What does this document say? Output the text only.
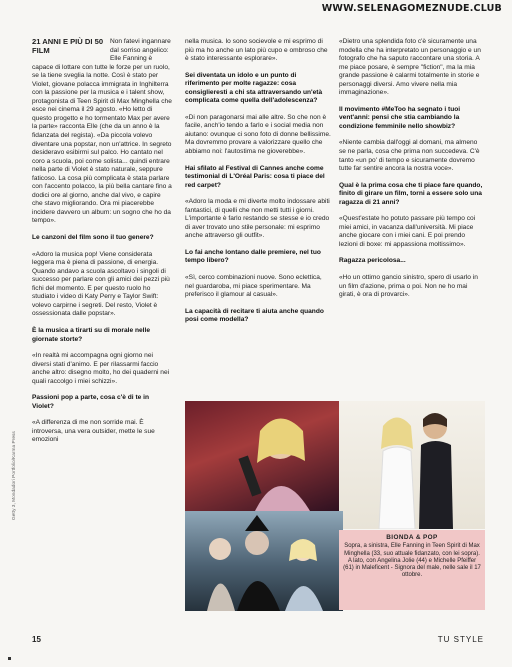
WWW.SELENAGOMEZNUDE.CLUB
Getty 3, Mondadori Portfolio/Karma Press
21 ANNI E PIÙ DI 50 FILM

Non fatevi ingannare dal sorriso angelico: Elle Fanning è capace di lottare con tutte le forze per un ruolo, se la tiene sveglia la notte. Così è stato per Violet, giovane polacca immigrata in Inghilterra con la passione per la musica e i talent show, protagonista di Teen Spirit di Max Minghella che esce nei cinema il 29 agosto. «Ho letto di questo progetto e ho tormentato Max per avere la parte» racconta Elle (che da un anno è la fidanzata del regista). «Da piccola volevo diventare una popstar, non un'attrice. In segreto desideravo esibirmi sul palco. Ho cantato nel coro a scuola, poi come solista... quindi entrare nella parte di Violet è stato naturale, seppure faticoso. La cosa più complicata è stata parlare con l'accento polacco, la più bella cantare fino a dodici ore al giorno, anche dal vivo, e capire che stavo migliorando. Ora mi piacerebbe incidere davvero un album: un sogno che ho da tempo».

Le canzoni del film sono il tuo genere?

«Adoro la musica pop! Viene considerata leggera ma è piena di passione, di energia. Quando andavo a scuola ascoltavo i singoli di successo per parlare con gli amici dei pezzi più fichi del momento. E per questo ruolo ho studiato i video di Katy Perry e Taylor Swift: volevo carpirne i segreti. Del resto, Violet è ossessionata dalle popstar».

È la musica a tirarti su di morale nelle giornate storte?

«In realtà mi accompagna ogni giorno nei diversi stati d'animo. E per rilassarmi faccio anche altro: disegno molto, ho dei quaderni nei quali raccolgo i miei schizzi».

Passioni pop a parte, cosa c'è di te in Violet?

«A differenza di me non sorride mai. È introversa, una vera outsider, mette le sue emozioni

nella musica. Io sono socievole e mi esprimo di più ma ho anche un lato più cupo e ombroso che è stato interessante esplorare».

Sei diventata un idolo e un punto di riferimento per molte ragazze: cosa consiglieresti a chi sta attraversando un'età complicata come quella dell'adolescenza?

«Di non paragonarsi mai alle altre. So che non è facile, anch'io tendo a farlo e i social media non aiutano: ovunque ci sono foto di donne bellissime. Ma dovremmo provare a valorizzare quello che abbiamo noi: l'autostima ne gioverebbe».

Hai sfilato al Festival di Cannes anche come testimonial di L'Oréal Paris: cosa ti piace del red carpet?

«Adoro la moda e mi diverte molto indossare abiti fantastici, di quelli che non metti tutti i giorni. L'importante è farlo restando se stesse e io credo di aver trovato uno stile personale: mi esprimo anche attraverso gli outfit».

Lo fai anche lontano dalle premiere, nel tuo tempo libero?

«Sì, cerco combinazioni nuove. Sono eclettica, nel guardaroba, mi piace sperimentare. Ma preferisco il glamour al casual».

La capacità di recitare ti aiuta anche quando posi come modella?

«Dietro una splendida foto c'è sicuramente una modella che ha interpretato un personaggio e un fotografo che ha saputo raccontare una storia. A me piace posare, è sempre "fiction", ma la mia grande passione è calarmi totalmente in storie e personaggi diversi. Amo vivere nella mia immaginazione».

Il movimento #MeToo ha segnato i tuoi vent'anni: pensi che stia cambiando la condizione femminile nello showbiz?

«Niente cambia dall'oggi al domani, ma almeno se ne parla, cosa che prima non succedeva. C'è tanto «un po' di tempo e sicuramente dovremo tutte far sentire ancora la nostra voce».

Qual è la prima cosa che ti piace fare quando, finito di girare un film, torni a essere solo una ragazza di 21 anni?

«Quest'estate ho potuto passare più tempo coi miei amici, in vacanza dall'università. Mi piace anche giocare con i miei cani. E poi prendo lezioni di boxe: mi appassiona moltissimo».

Ragazza pericolosa...

«Ho un ottimo gancio sinistro, spero di usarlo in un film d'azione, prima o poi. Non ne ho mai girati, è ora di provarci».

BIONDA & POP
Sopra, a sinistra, Elle Fanning in Teen Spirit di Max Minghella (33, suo attuale fidanzato, con lei sopra). A lato, con Angelina Jolie (44) e Michelle Pfeiffer (61) in Maleficent - Signora del male, nelle sale il 17 ottobre.
15	TU STYLE
